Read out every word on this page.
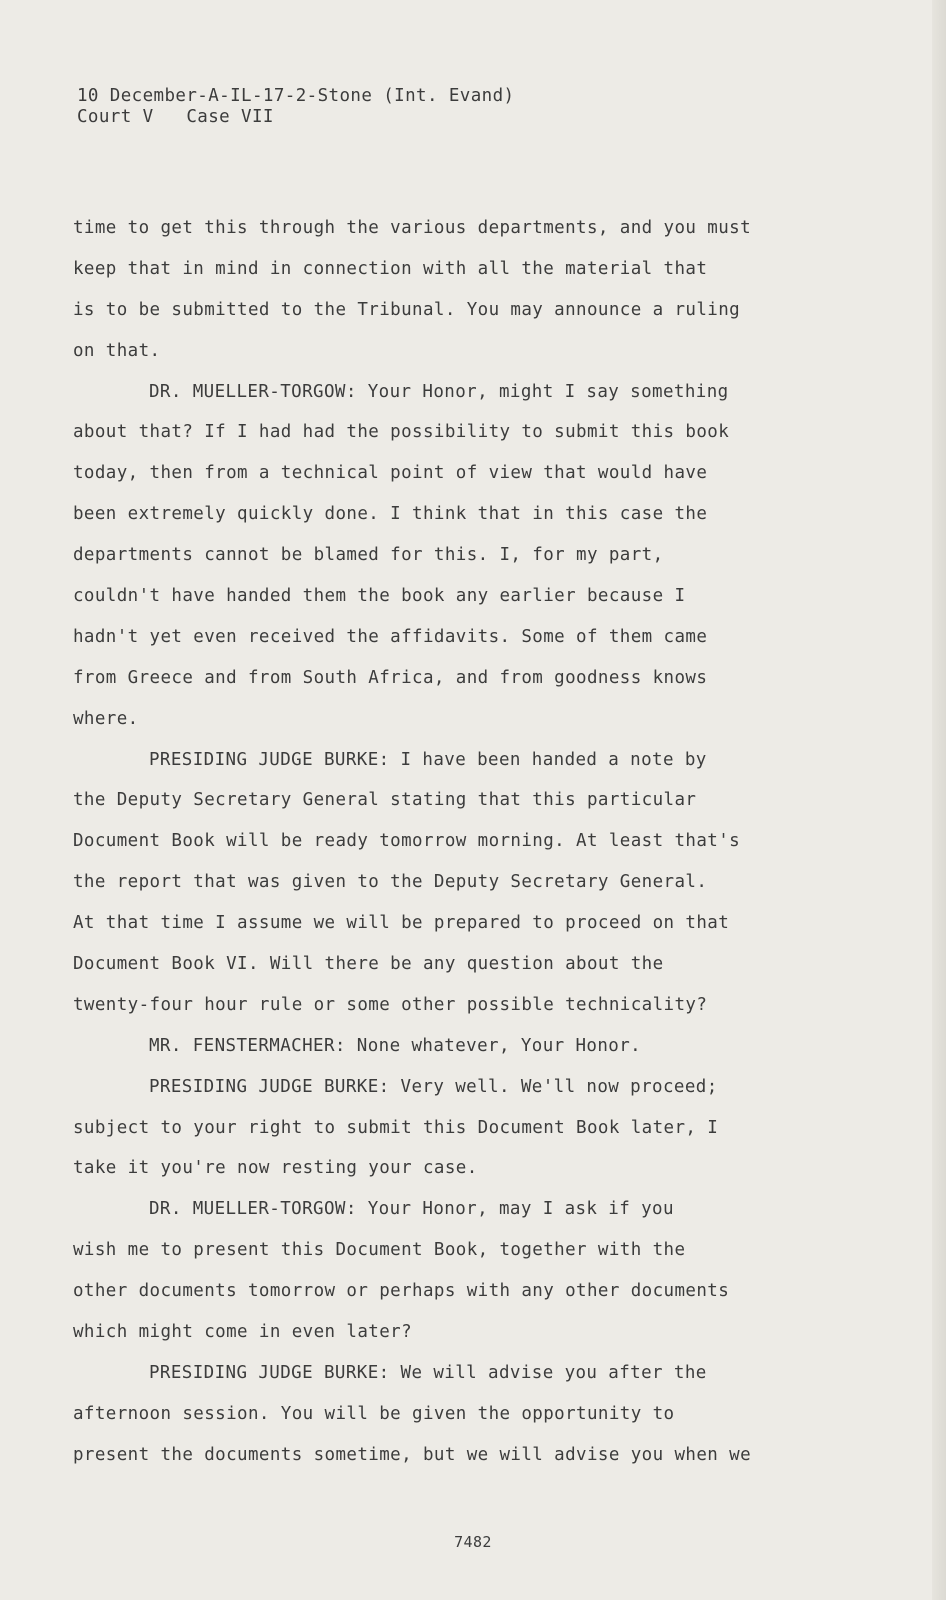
10 December-A-IL-17-2-Stone (Int. Evand)
Court V   Case VII
time to get this through the various departments, and you must
keep that in mind in connection with all the material that
is to be submitted to the Tribunal. You may announce a ruling
on that.
DR. MUELLER-TORGOW: Your Honor, might I say something
about that? If I had had the possibility to submit this book
today, then from a technical point of view that would have
been extremely quickly done. I think that in this case the
departments cannot be blamed for this. I, for my part,
couldn't have handed them the book any earlier because I
hadn't yet even received the affidavits. Some of them came
from Greece and from South Africa, and from goodness knows
where.
PRESIDING JUDGE BURKE: I have been handed a note by
the Deputy Secretary General stating that this particular
Document Book will be ready tomorrow morning. At least that's
the report that was given to the Deputy Secretary General.
At that time I assume we will be prepared to proceed on that
Document Book VI. Will there be any question about the
twenty-four hour rule or some other possible technicality?
MR. FENSTERMACHER: None whatever, Your Honor.
PRESIDING JUDGE BURKE: Very well. We'll now proceed;
subject to your right to submit this Document Book later, I
take it you're now resting your case.
DR. MUELLER-TORGOW: Your Honor, may I ask if you
wish me to present this Document Book, together with the
other documents tomorrow or perhaps with any other documents
which might come in even later?
PRESIDING JUDGE BURKE: We will advise you after the
afternoon session. You will be given the opportunity to
present the documents sometime, but we will advise you when we
7482
